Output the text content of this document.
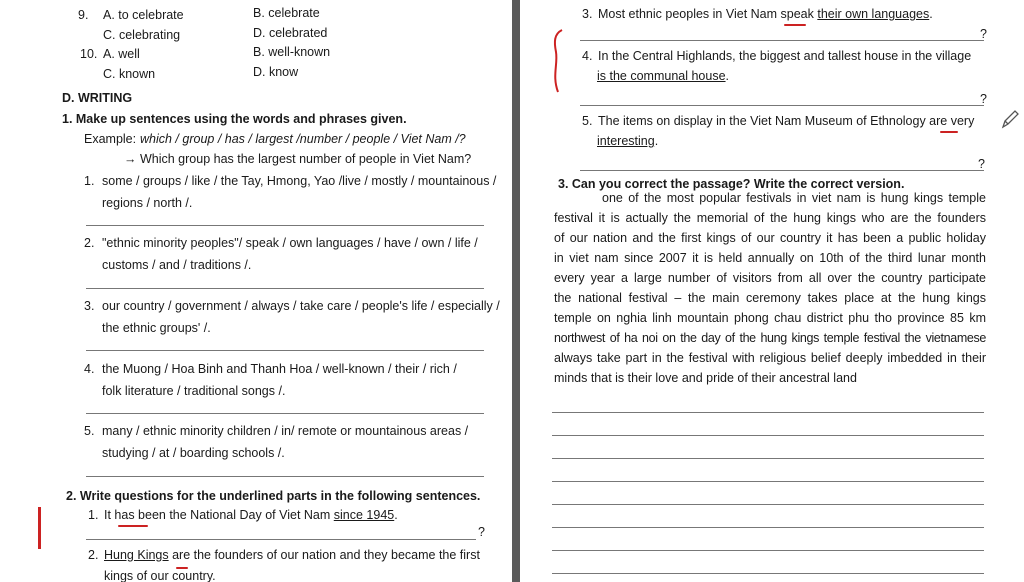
9. A. to celebrate	B. celebrate
C. celebrating	D. celebrated
10. A. well	B. well-known
C. known	D. know
D. WRITING
1. Make up sentences using the words and phrases given.
Example: which / group / has / largest /number / people / Viet Nam /?
→ Which group has the largest number of people in Viet Nam?
1. some / groups / like / the Tay, Hmong, Yao /live / mostly / mountainous /
regions / north /.
2. "ethnic minority peoples"/ speak / own languages / have / own / life /
customs / and / traditions /.
3. our country / government / always / take care / people's life / especially /
the ethnic groups' /.
4. the Muong / Hoa Binh and Thanh Hoa / well-known / their / rich /
folk literature / traditional songs /.
5. many / ethnic minority children / in/ remote or mountainous areas /
studying / at / boarding schools /.
2. Write questions for the underlined parts in the following sentences.
1. It has been the National Day of Viet Nam since 1945.
?
2. Hung Kings are the founders of our nation and they became the first
kings of our country.
3. Most ethnic peoples in Viet Nam speak their own languages.
?
4. In the Central Highlands, the biggest and tallest house in the village
is the communal house.
?
5. The items on display in the Viet Nam Museum of Ethnology are very
interesting.
?
3. Can you correct the passage? Write the correct version.
one of the most popular festivals in viet nam is hung kings temple
festival it is actually the memorial of the hung kings who are the founders
of our nation and the first kings of our country it has been a public holiday
in viet nam since 2007 it is held annually on 10th of the third lunar month
every year a large number of visitors from all over the country participate
the national festival – the main ceremony takes place at the hung kings
temple on nghia linh mountain phong chau district phu tho province 85 km
northwest of ha noi on the day of the hung kings temple festival the vietnamese
always take part in the festival with religious belief deeply imbedded in their
minds that is their love and pride of their ancestral land
